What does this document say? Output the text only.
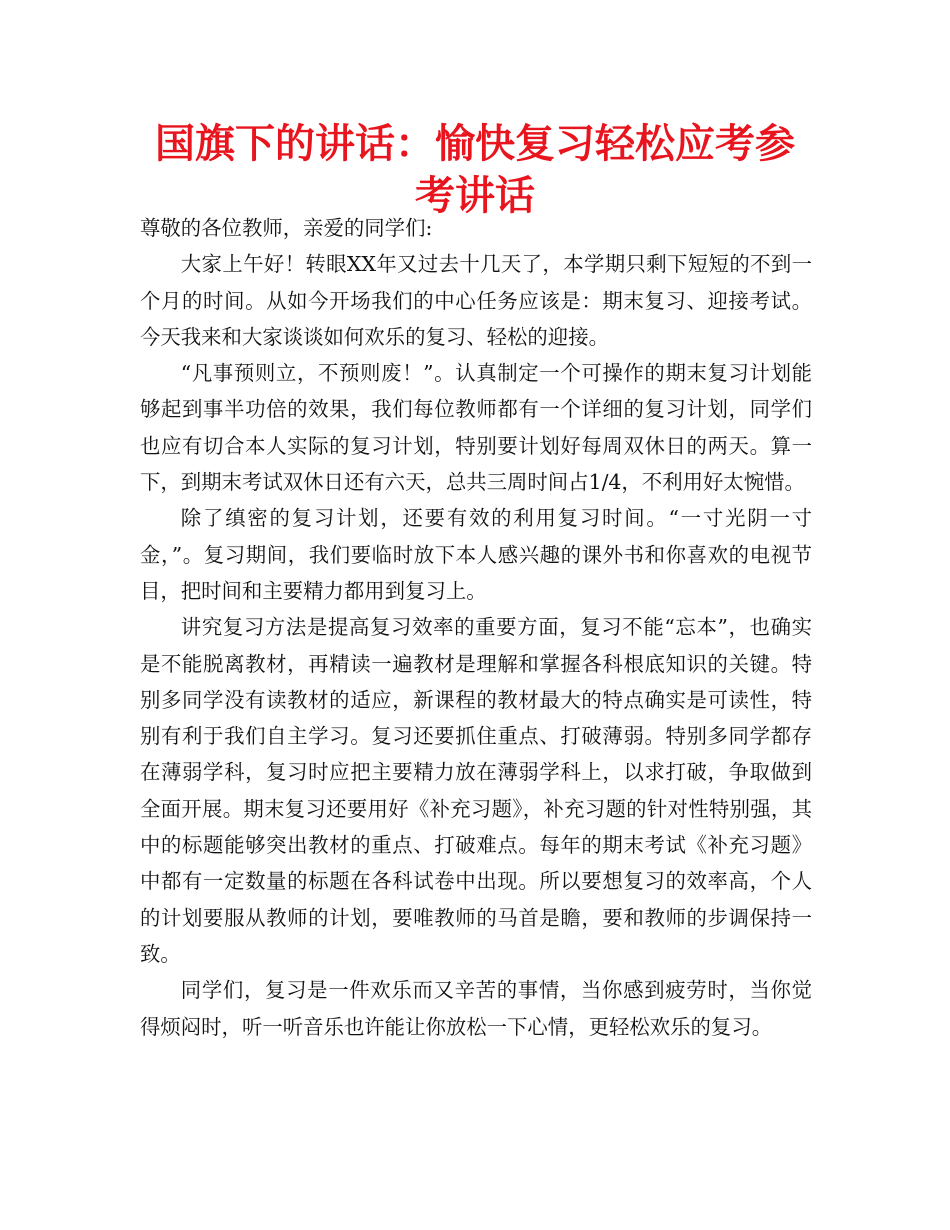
国旗下的讲话：愉快复习轻松应考参考讲话

尊敬的各位教师，亲爱的同学们:

大家上午好！转眼XX年又过去十几天了，本学期只剩下短短的不到一个月的时间。从如今开场我们的中心任务应该是：期末复习、迎接考试。今天我来和大家谈谈如何欢乐的复习、轻松的迎接。

“凡事预则立，不预则废！”。认真制定一个可操作的期末复习计划能够起到事半功倍的效果，我们每位教师都有一个详细的复习计划，同学们也应有切合本人实际的复习计划，特别要计划好每周双休日的两天。算一下，到期末考试双休日还有六天，总共三周时间占1/4，不利用好太惋惜。

除了缜密的复习计划，还要有效的利用复习时间。“一寸光阴一寸金，”。复习期间，我们要临时放下本人感兴趣的课外书和你喜欢的电视节目，把时间和主要精力都用到复习上。

讲究复习方法是提高复习效率的重要方面，复习不能“忘本”，也确实是不能脱离教材，再精读一遍教材是理解和掌握各科根底知识的关键。特别多同学没有读教材的适应，新课程的教材最大的特点确实是可读性，特别有利于我们自主学习。复习还要抓住重点、打破薄弱。特别多同学都存在薄弱学科，复习时应把主要精力放在薄弱学科上，以求打破，争取做到全面开展。期末复习还要用好《补充习题》，补充习题的针对性特别强，其中的标题能够突出教材的重点、打破难点。每年的期末考试《补充习题》中都有一定数量的标题在各科试卷中出现。所以要想复习的效率高，个人的计划要服从教师的计划，要唯教师的马首是瞻，要和教师的步调保持一致。

同学们，复习是一件欢乐而又辛苦的事情，当你感到疲劳时，当你觉得烦闷时，听一听音乐也许能让你放松一下心情，更轻松欢乐的复习。
